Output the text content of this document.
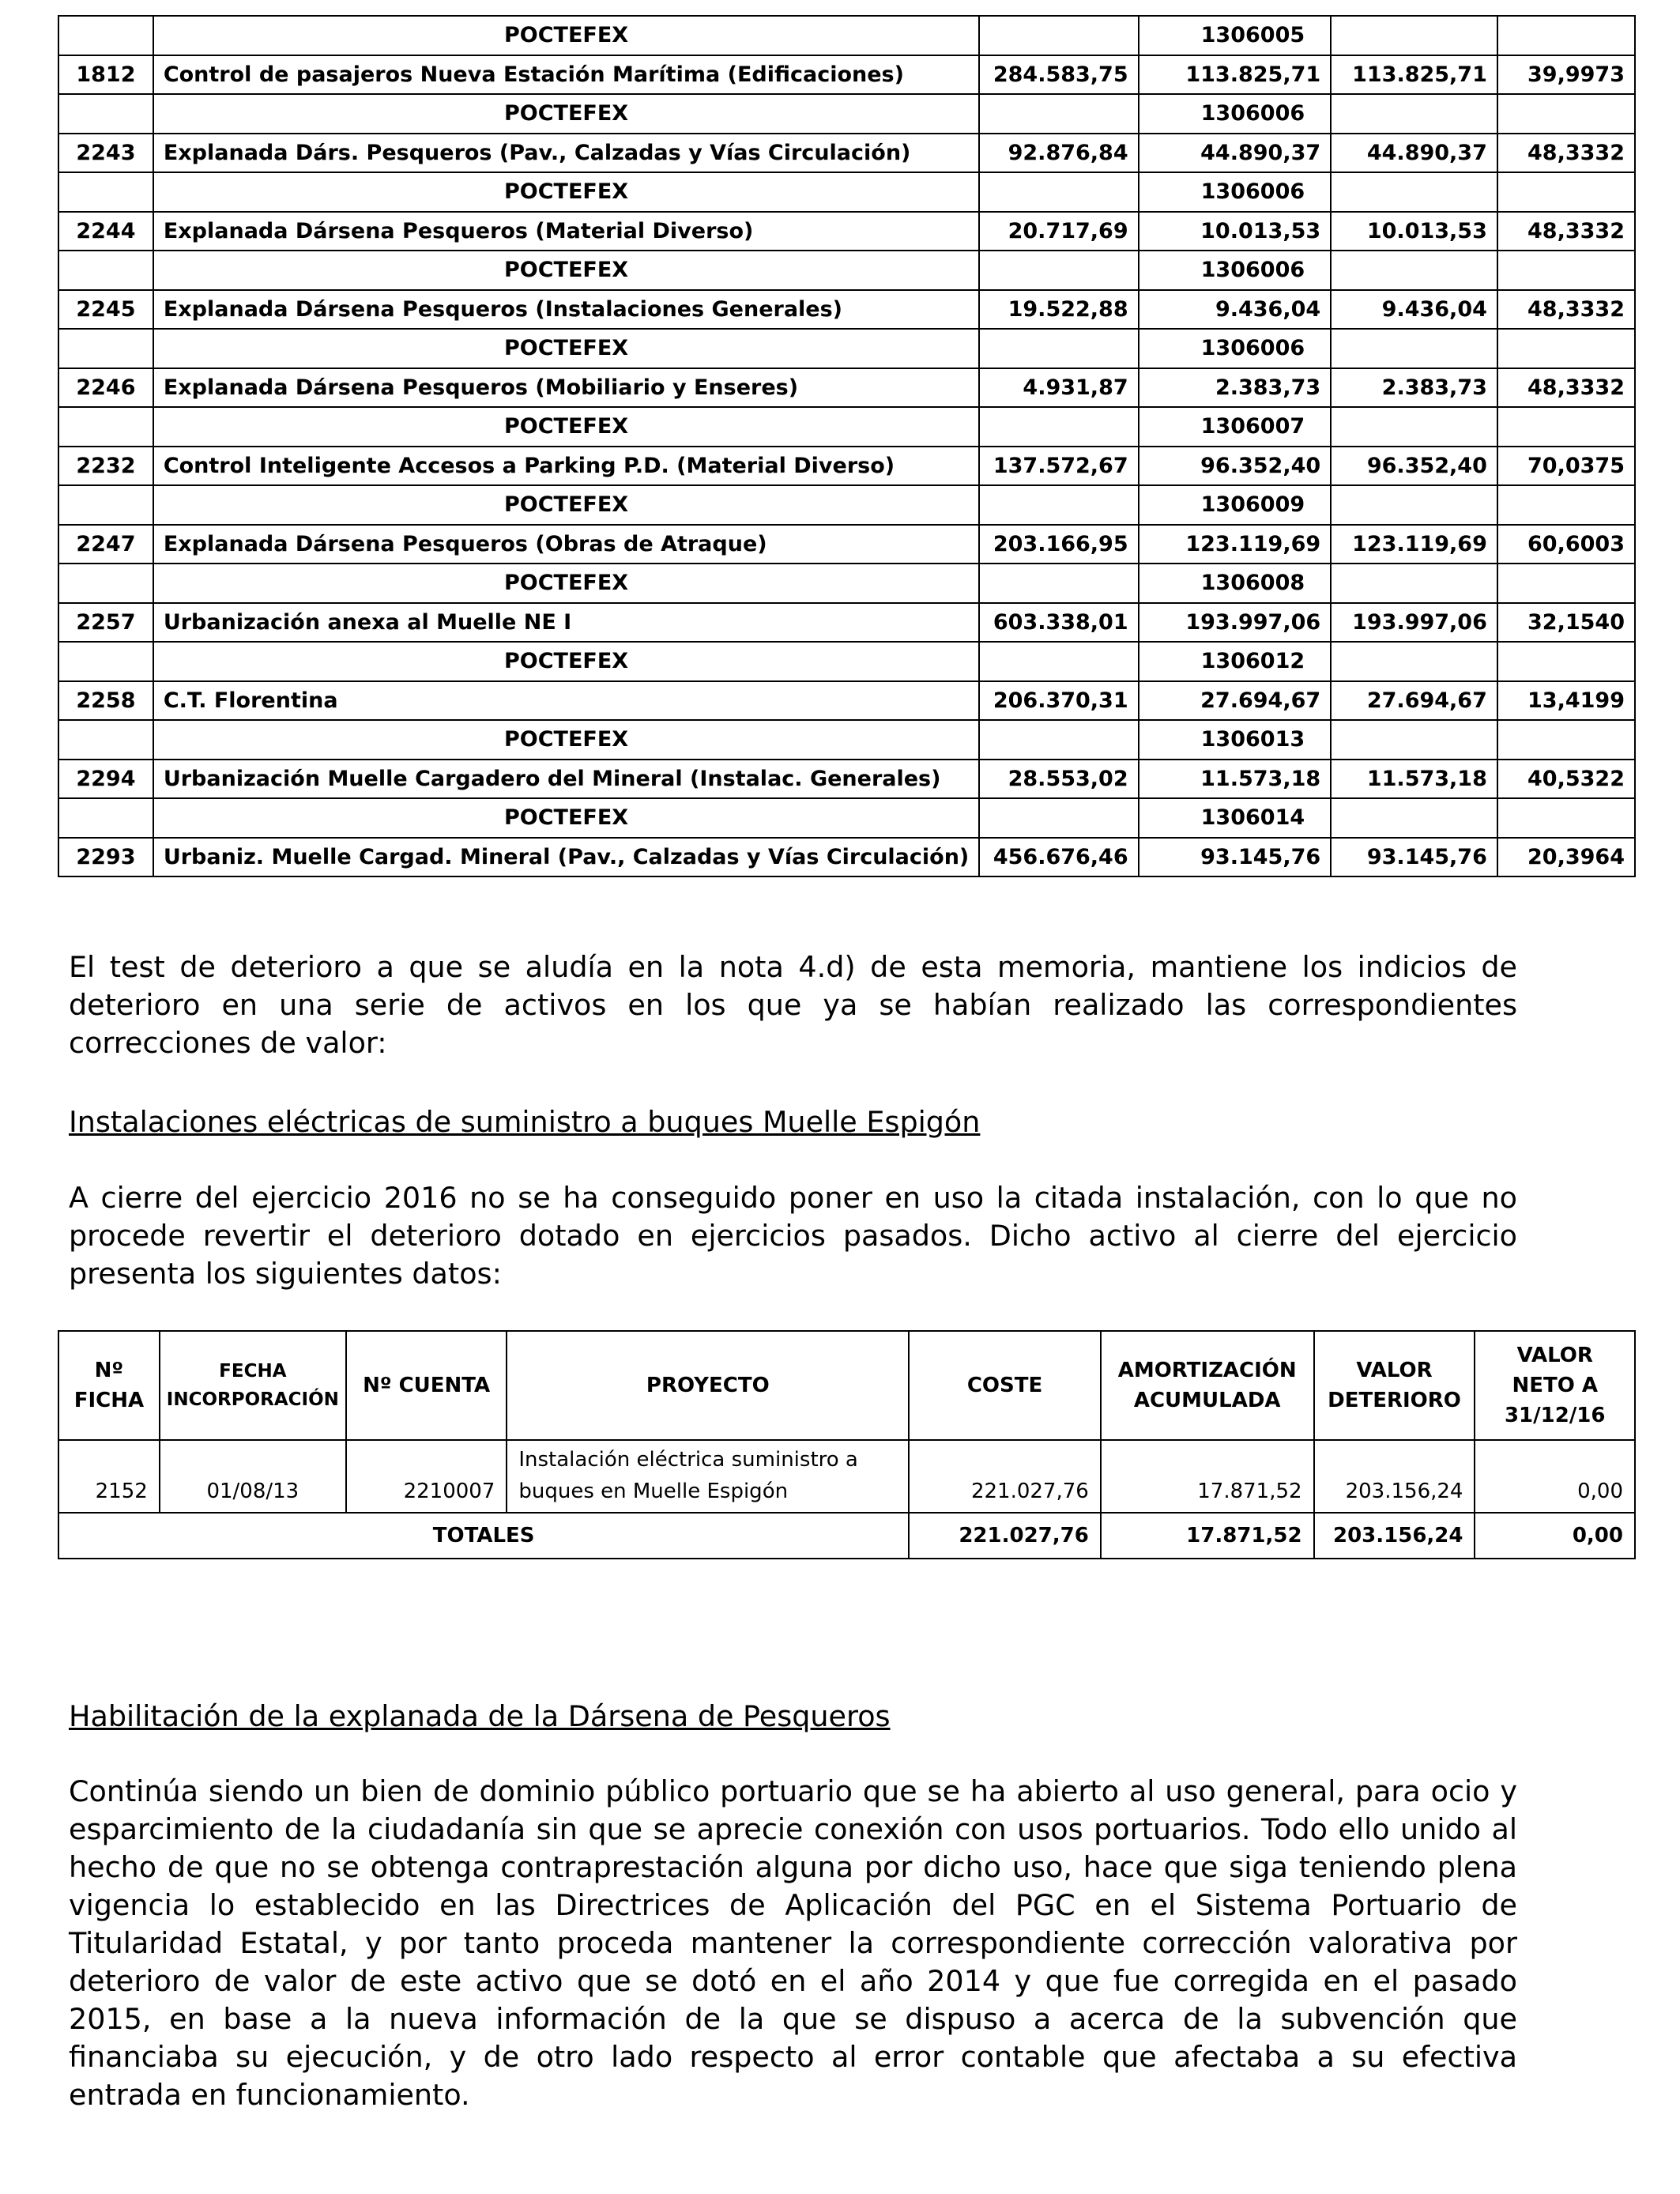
	POCTEFEX		1306005		
1812	Control de pasajeros Nueva Estación Marítima (Edificaciones)	284.583,75	113.825,71	113.825,71	39,9973
	POCTEFEX		1306006		
2243	Explanada Dárs. Pesqueros (Pav., Calzadas y Vías Circulación)	92.876,84	44.890,37	44.890,37	48,3332
	POCTEFEX		1306006		
2244	Explanada Dársena Pesqueros (Material Diverso)	20.717,69	10.013,53	10.013,53	48,3332
	POCTEFEX		1306006		
2245	Explanada Dársena Pesqueros (Instalaciones Generales)	19.522,88	9.436,04	9.436,04	48,3332
	POCTEFEX		1306006		
2246	Explanada Dársena Pesqueros (Mobiliario y Enseres)	4.931,87	2.383,73	2.383,73	48,3332
	POCTEFEX		1306007		
2232	Control Inteligente Accesos a Parking P.D. (Material Diverso)	137.572,67	96.352,40	96.352,40	70,0375
	POCTEFEX		1306009		
2247	Explanada Dársena Pesqueros (Obras de Atraque)	203.166,95	123.119,69	123.119,69	60,6003
	POCTEFEX		1306008		
2257	Urbanización anexa al Muelle NE I	603.338,01	193.997,06	193.997,06	32,1540
	POCTEFEX		1306012		
2258	C.T. Florentina	206.370,31	27.694,67	27.694,67	13,4199
	POCTEFEX		1306013		
2294	Urbanización Muelle Cargadero del Mineral (Instalac. Generales)	28.553,02	11.573,18	11.573,18	40,5322
	POCTEFEX		1306014		
2293	Urbaniz. Muelle Cargad. Mineral (Pav., Calzadas y Vías Circulación)	456.676,46	93.145,76	93.145,76	20,3964

El test de deterioro a que se aludía en la nota 4.d) de esta memoria, mantiene los indicios de deterioro en una serie de activos en los que ya se habían realizado las correspondientes correcciones de valor:

Instalaciones eléctricas de suministro a buques Muelle Espigón

A cierre del ejercicio 2016 no se ha conseguido poner en uso la citada instalación, con lo que no procede revertir el deterioro dotado en ejercicios pasados. Dicho activo al cierre del ejercicio presenta los siguientes datos:

Nº FICHA	FECHA INCORPORACIÓN	Nº CUENTA	PROYECTO	COSTE	AMORTIZACIÓN ACUMULADA	VALOR DETERIORO	VALOR NETO A 31/12/16
2152	01/08/13	2210007	Instalación eléctrica suministro a buques en Muelle Espigón	221.027,76	17.871,52	203.156,24	0,00
TOTALES				221.027,76	17.871,52	203.156,24	0,00

Habilitación de la explanada de la Dársena de Pesqueros

Continúa siendo un bien de dominio público portuario que se ha abierto al uso general, para ocio y esparcimiento de la ciudadanía sin que se aprecie conexión con usos portuarios. Todo ello unido al hecho de que no se obtenga contraprestación alguna por dicho uso, hace que siga teniendo plena vigencia lo establecido en las Directrices de Aplicación del PGC en el Sistema Portuario de Titularidad Estatal, y por tanto proceda mantener la correspondiente corrección valorativa por deterioro de valor de este activo que se dotó en el año 2014 y que fue corregida en el pasado 2015, en base a la nueva información de la que se dispuso a acerca de la subvención que financiaba su ejecución, y de otro lado respecto al error contable que afectaba a su efectiva entrada en funcionamiento.
